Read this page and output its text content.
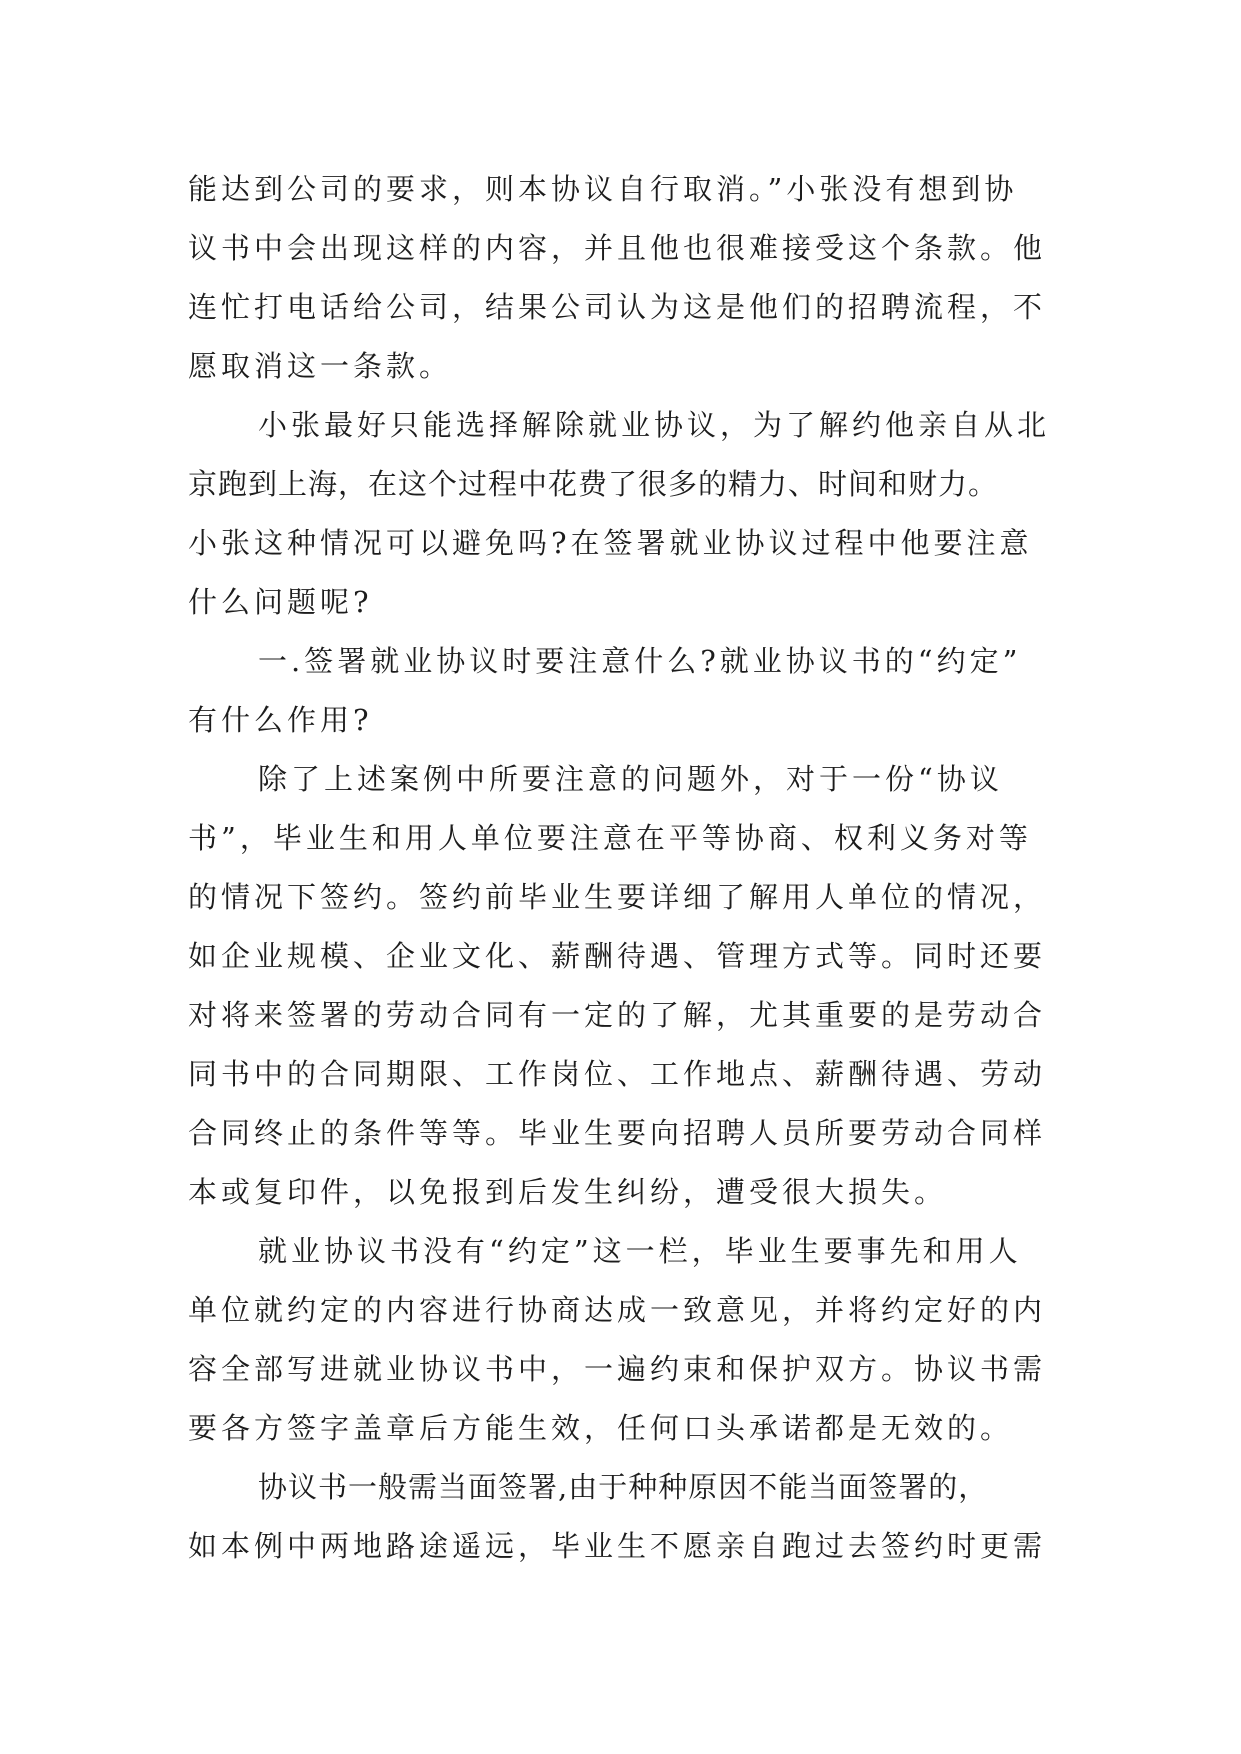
能达到公司的要求，则本协议自行取消。”小张没有想到协
议书中会出现这样的内容，并且他也很难接受这个条款。他
连忙打电话给公司，结果公司认为这是他们的招聘流程，不
愿取消这一条款。
小张最好只能选择解除就业协议，为了解约他亲自从北
京跑到上海，在这个过程中花费了很多的精力、时间和财力。
小张这种情况可以避免吗?在签署就业协议过程中他要注意
什么问题呢?
一.签署就业协议时要注意什么?就业协议书的“约定”
有什么作用?
除了上述案例中所要注意的问题外，对于一份“协议
书”，毕业生和用人单位要注意在平等协商、权利义务对等
的情况下签约。签约前毕业生要详细了解用人单位的情况，
如企业规模、企业文化、薪酬待遇、管理方式等。同时还要
对将来签署的劳动合同有一定的了解，尤其重要的是劳动合
同书中的合同期限、工作岗位、工作地点、薪酬待遇、劳动
合同终止的条件等等。毕业生要向招聘人员所要劳动合同样
本或复印件，以免报到后发生纠纷，遭受很大损失。
就业协议书没有“约定”这一栏，毕业生要事先和用人
单位就约定的内容进行协商达成一致意见，并将约定好的内
容全部写进就业协议书中，一遍约束和保护双方。协议书需
要各方签字盖章后方能生效，任何口头承诺都是无效的。
协议书一般需当面签署,由于种种原因不能当面签署的，
如本例中两地路途遥远，毕业生不愿亲自跑过去签约时更需
